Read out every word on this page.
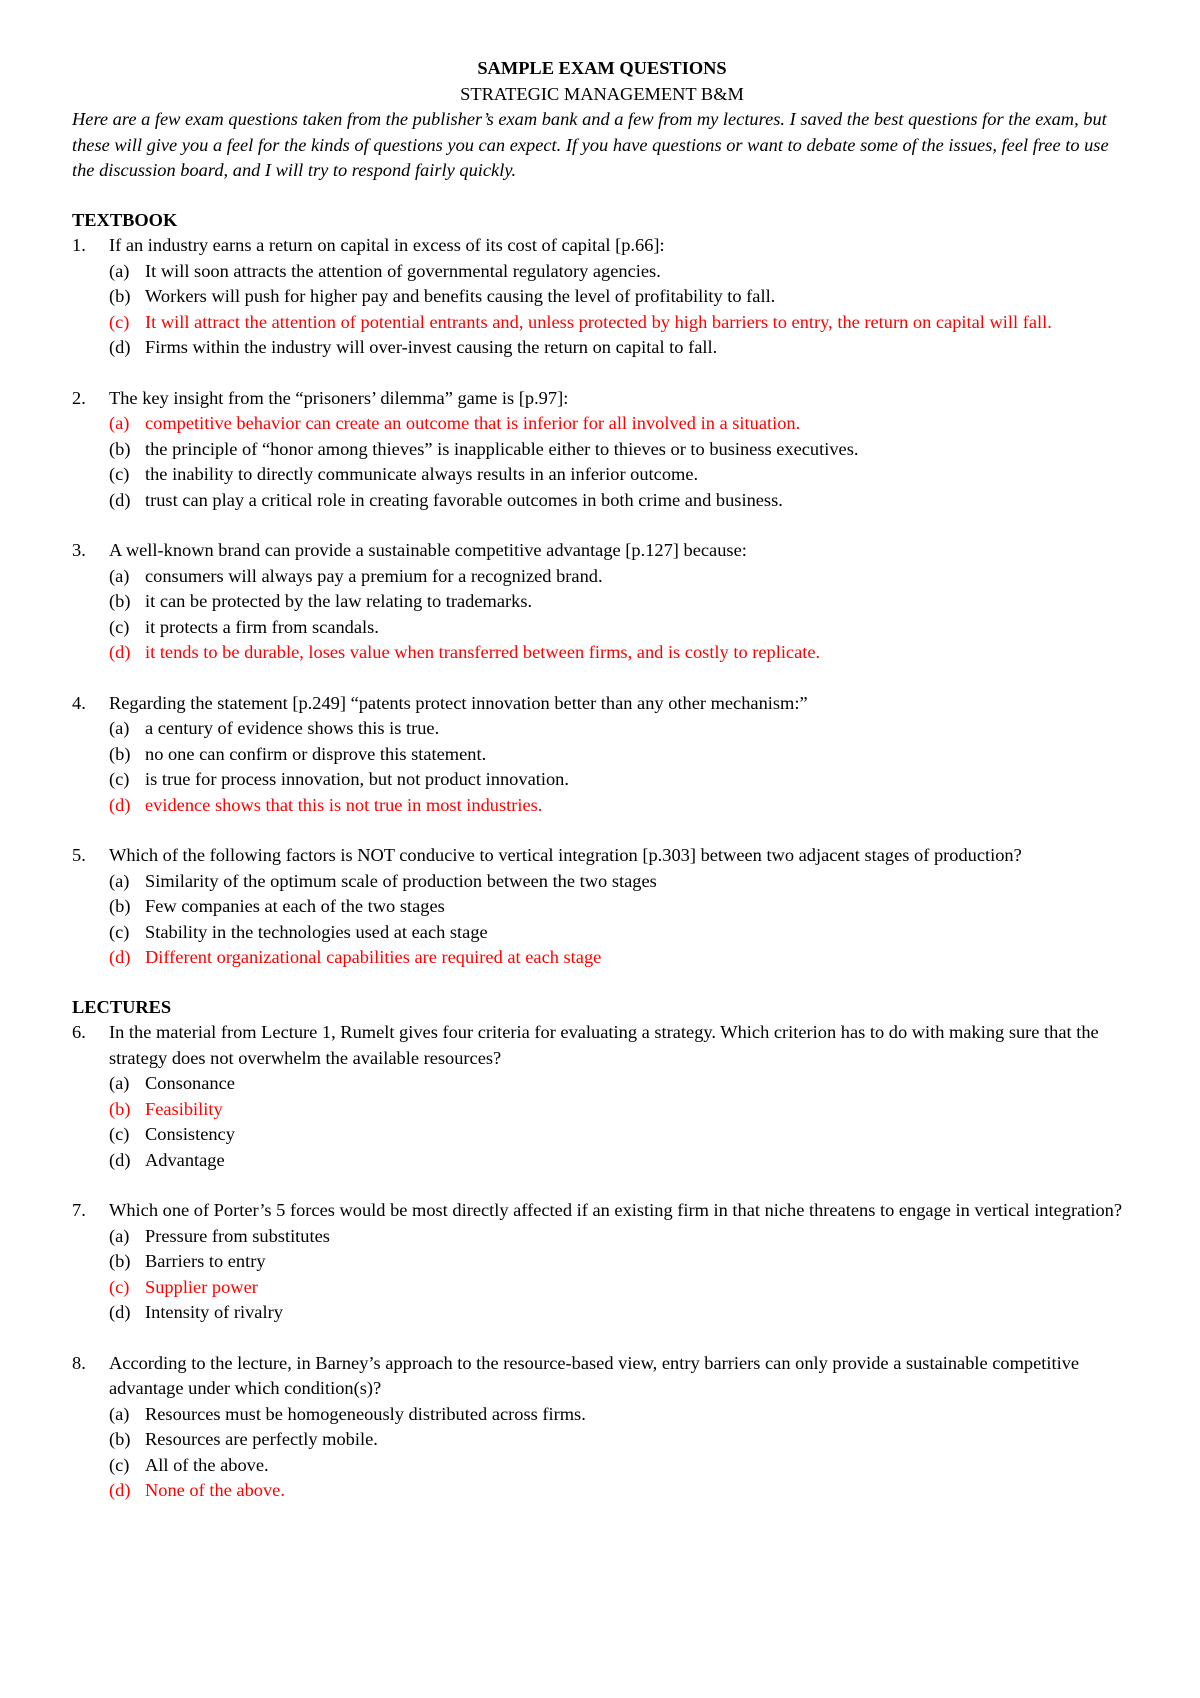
SAMPLE EXAM QUESTIONS

STRATEGIC MANAGEMENT B&M

Here are a few exam questions taken from the publisher’s exam bank and a few from my lectures. I saved the best questions for the exam, but these will give you a feel for the kinds of questions you can expect. If you have questions or want to debate some of the issues, feel free to use the discussion board, and I will try to respond fairly quickly.

TEXTBOOK

1. If an industry earns a return on capital in excess of its cost of capital [p.66]:

(a) It will soon attracts the attention of governmental regulatory agencies.
(b) Workers will push for higher pay and benefits causing the level of profitability to fall.
(c) It will attract the attention of potential entrants and, unless protected by high barriers to entry, the return on capital will fall.
(d) Firms within the industry will over-invest causing the return on capital to fall.
2. The key insight from the “prisoners’ dilemma” game is [p.97]:

(a) competitive behavior can create an outcome that is inferior for all involved in a situation.
(b) the principle of “honor among thieves” is inapplicable either to thieves or to business executives.
(c) the inability to directly communicate always results in an inferior outcome.
(d) trust can play a critical role in creating favorable outcomes in both crime and business.
3. A well-known brand can provide a sustainable competitive advantage [p.127] because:

(a) consumers will always pay a premium for a recognized brand.
(b) it can be protected by the law relating to trademarks.
(c) it protects a firm from scandals.
(d) it tends to be durable, loses value when transferred between firms, and is costly to replicate.
4. Regarding the statement [p.249] “patents protect innovation better than any other mechanism:”

(a) a century of evidence shows this is true.
(b) no one can confirm or disprove this statement.
(c) is true for process innovation, but not product innovation.
(d) evidence shows that this is not true in most industries.
5. Which of the following factors is NOT conducive to vertical integration [p.303] between two adjacent stages of production?

(a) Similarity of the optimum scale of production between the two stages
(b) Few companies at each of the two stages
(c) Stability in the technologies used at each stage
(d) Different organizational capabilities are required at each stage

LECTURES

6. In the material from Lecture 1, Rumelt gives four criteria for evaluating a strategy. Which criterion has to do with making sure that the strategy does not overwhelm the available resources?

(a) Consonance
(b) Feasibility
(c) Consistency
(d) Advantage
7. Which one of Porter’s 5 forces would be most directly affected if an existing firm in that niche threatens to engage in vertical integration?

(a) Pressure from substitutes
(b) Barriers to entry
(c) Supplier power
(d) Intensity of rivalry
8. According to the lecture, in Barney’s approach to the resource-based view, entry barriers can only provide a sustainable competitive advantage under which condition(s)?

(a) Resources must be homogeneously distributed across firms.
(b) Resources are perfectly mobile.
(c) All of the above.
(d) None of the above.
